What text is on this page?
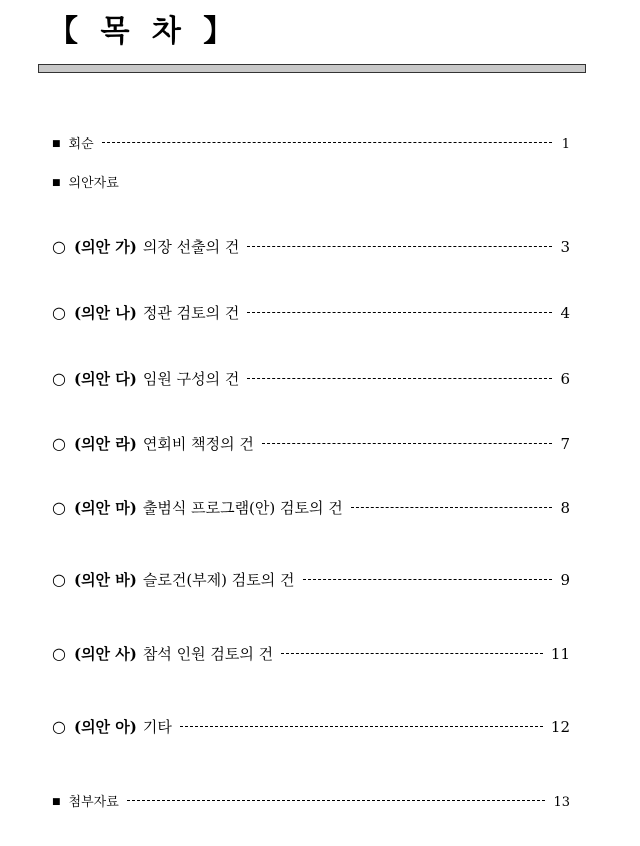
【 목 차 】
■ 회순	1
■ 의안자료
○ (의안 가) 의장 선출의 건	3
○ (의안 나) 정관 검토의 건	4
○ (의안 다) 임원 구성의 건	6
○ (의안 라) 연회비 책정의 건	7
○ (의안 마) 출범식 프로그램(안) 검토의 건	8
○ (의안 바) 슬로건(부제) 검토의 건	9
○ (의안 사) 참석 인원 검토의 건	11
○ (의안 아) 기타	12
■ 첨부자료	13
